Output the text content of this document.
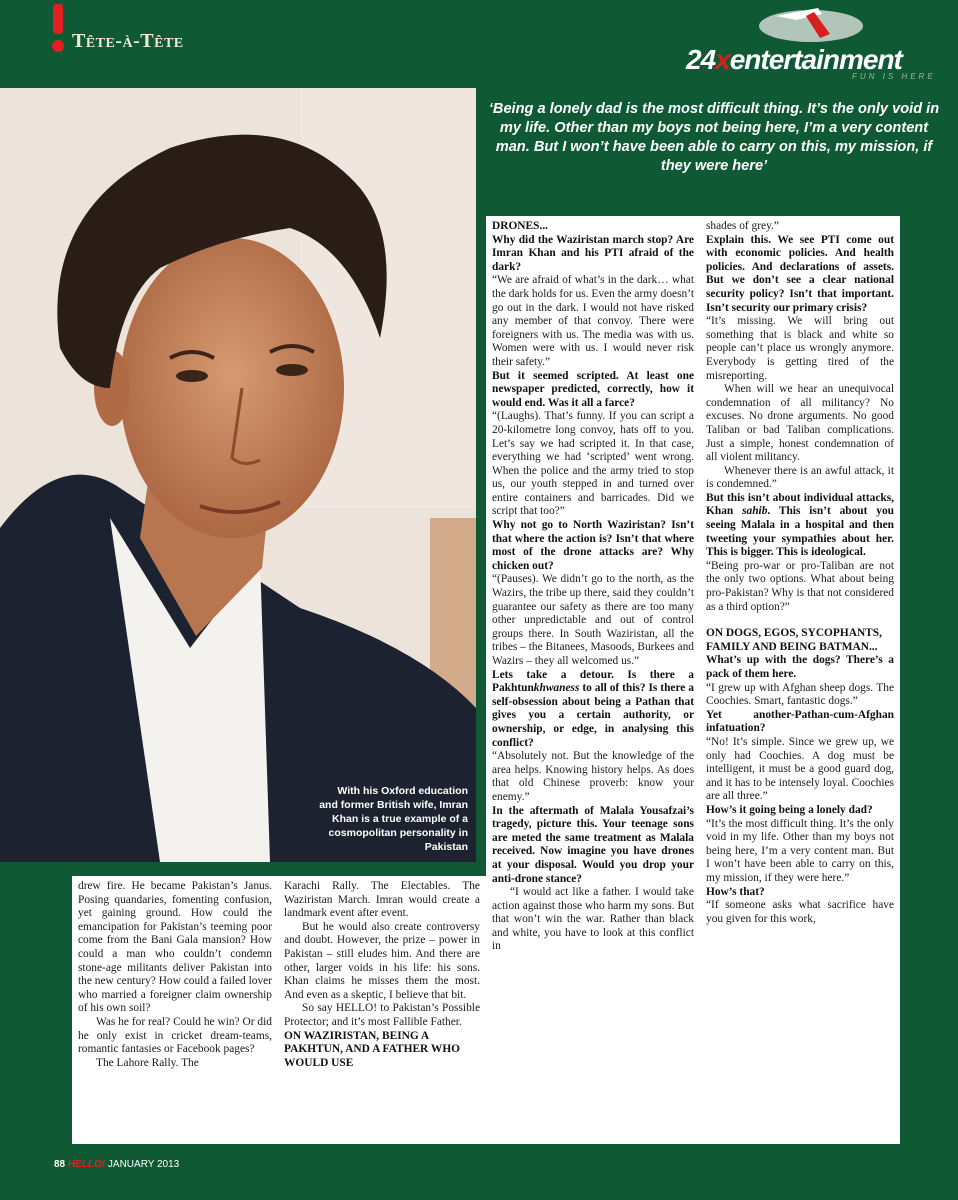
Tête-à-Tête
24xentertainment
FUN IS HERE
With his Oxford education and former British wife, Imran Khan is a true example of a cosmopolitan personality in Pakistan
‘Being a lonely dad is the most difficult thing. It’s the only void in my life. Other than my boys not being here, I’m a very content man. But I won’t have been able to carry on this, my mission, if they were here’

drew fire. He became Pakistan’s Janus. Posing quandaries, fomenting confusion, yet gaining ground. How could the emancipation for Pakistan’s teeming poor come from the Bani Gala mansion? How could a man who couldn’t condemn stone-age militants deliver Pakistan into the new century? How could a failed lover who married a foreigner claim ownership of his own soil?

Was he for real? Could he win? Or did he only exist in cricket dream-teams, romantic fantasies or Facebook pages?

The Lahore Rally. The

Karachi Rally. The Electables. The Waziristan March. Imran would create a landmark event after event.

But he would also create controversy and doubt. However, the prize – power in Pakistan – still eludes him. And there are other, larger voids in his life: his sons. Khan claims he misses them the most. And even as a skeptic, I believe that bit.

So say HELLO! to Pakistan’s Possible Protector; and it’s most Fallible Father.

ON WAZIRISTAN, BEING A PAKHTUN, AND A FATHER WHO WOULD USE

DRONES...

Why did the Waziristan march stop? Are Imran Khan and his PTI afraid of the dark?

“We are afraid of what’s in the dark… what the dark holds for us. Even the army doesn’t go out in the dark. I would not have risked any member of that convoy. There were foreigners with us. The media was with us. Women were with us. I would never risk their safety.”

But it seemed scripted. At least one newspaper predicted, correctly, how it would end. Was it all a farce?

“(Laughs). That’s funny. If you can script a 20-kilometre long convoy, hats off to you. Let’s say we had scripted it. In that case, everything we had ‘scripted’ went wrong. When the police and the army tried to stop us, our youth stepped in and turned over entire containers and barricades. Did we script that too?”

Why not go to North Waziristan? Isn’t that where the action is? Isn’t that where most of the drone attacks are? Why chicken out?

“(Pauses). We didn’t go to the north, as the Wazirs, the tribe up there, said they couldn’t guarantee our safety as there are too many other unpredictable and out of control groups there. In South Waziristan, all the tribes – the Bitanees, Masoods, Burkees and Wazirs – they all welcomed us.”

Lets take a detour. Is there a Pakhtunkhwaness to all of this? Is there a self-obsession about being a Pathan that gives you a certain authority, or ownership, or edge, in analysing this conflict?

“Absolutely not. But the knowledge of the area helps. Knowing history helps. As does that old Chinese proverb: know your enemy.”

In the aftermath of Malala Yousafzai’s tragedy, picture this. Your teenage sons are meted the same treatment as Malala received. Now imagine you have drones at your disposal. Would you drop your anti-drone stance?

“I would act like a father. I would take action against those who harm my sons. But that won’t win the war. Rather than black and white, you have to look at this conflict in

shades of grey.”

Explain this. We see PTI come out with economic policies. And health policies. And declarations of assets. But we don’t see a clear national security policy? Isn’t that important. Isn’t security our primary crisis?

“It’s missing. We will bring out something that is black and white so people can’t place us wrongly anymore. Everybody is getting tired of the misreporting.

When will we hear an unequivocal condemnation of all militancy? No excuses. No drone arguments. No good Taliban or bad Taliban complications. Just a simple, honest condemnation of all violent militancy.

Whenever there is an awful attack, it is condemned.”

But this isn’t about individual attacks, Khan sahib. This isn’t about you seeing Malala in a hospital and then tweeting your sympathies about her. This is bigger. This is ideological.

“Being pro-war or pro-Taliban are not the only two options. What about being pro-Pakistan? Why is that not considered as a third option?”

ON DOGS, EGOS, SYCOPHANTS, FAMILY AND BEING BATMAN...

What’s up with the dogs? There’s a pack of them here.

“I grew up with Afghan sheep dogs. The Coochies. Smart, fantastic dogs.”

Yet another-Pathan-cum-Afghan infatuation?

“No! It’s simple. Since we grew up, we only had Coochies. A dog must be intelligent, it must be a good guard dog, and it has to be intensely loyal. Coochies are all three.”

How’s it going being a lonely dad?

“It’s the most difficult thing. It’s the only void in my life. Other than my boys not being here, I’m a very content man. But I won’t have been able to carry on this, my mission, if they were here.”

How’s that?

“If someone asks what sacrifice have you given for this work,

88 HELLO! JANUARY 2013
